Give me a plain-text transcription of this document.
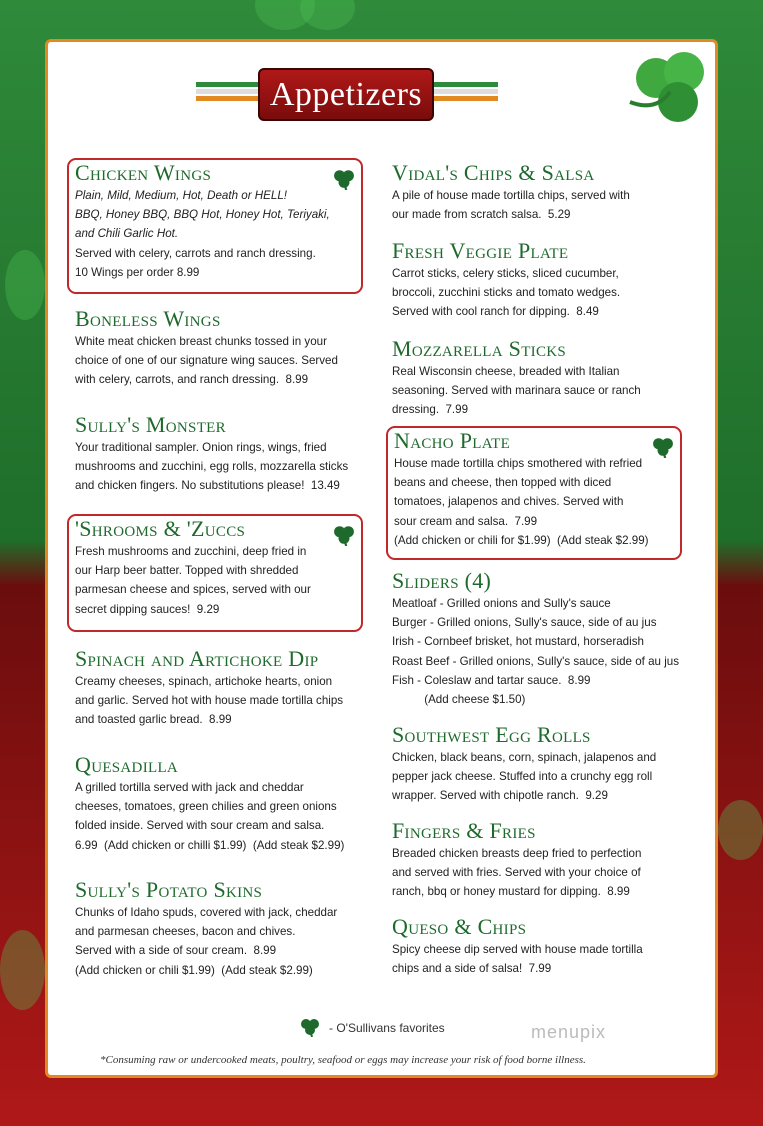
Appetizers
- O'Sullivans favorites	menupix
*Consuming raw or undercooked meats, poultry, seafood or eggs may increase your risk of food borne illness.
Chicken Wings
Plain, Mild, Medium, Hot, Death or HELL!
BBQ, Honey BBQ, BBQ Hot, Honey Hot, Teriyaki,
and Chili Garlic Hot.
Served with celery, carrots and ranch dressing.
10 Wings per order 8.99
Boneless Wings
White meat chicken breast chunks tossed in your
choice of one of our signature wing sauces. Served
with celery, carrots, and ranch dressing.  8.99
Sully's Monster
Your traditional sampler. Onion rings, wings, fried
mushrooms and zucchini, egg rolls, mozzarella sticks
and chicken fingers. No substitutions please!  13.49
'Shrooms & 'Zuccs
Fresh mushrooms and zucchini, deep fried in
our Harp beer batter. Topped with shredded
parmesan cheese and spices, served with our
secret dipping sauces!  9.29
Spinach and Artichoke Dip
Creamy cheeses, spinach, artichoke hearts, onion
and garlic. Served hot with house made tortilla chips
and toasted garlic bread.  8.99
Quesadilla
A grilled tortilla served with jack and cheddar
cheeses, tomatoes, green chilies and green onions
folded inside. Served with sour cream and salsa.
6.99  (Add chicken or chilli $1.99)  (Add steak $2.99)
Sully's Potato Skins
Chunks of Idaho spuds, covered with jack, cheddar
and parmesan cheeses, bacon and chives.
Served with a side of sour cream.  8.99
(Add chicken or chili $1.99)  (Add steak $2.99)
Vidal's Chips & Salsa
A pile of house made tortilla chips, served with
our made from scratch salsa.  5.29
Fresh Veggie Plate
Carrot sticks, celery sticks, sliced cucumber,
broccoli, zucchini sticks and tomato wedges.
Served with cool ranch for dipping.  8.49
Mozzarella Sticks
Real Wisconsin cheese, breaded with Italian
seasoning. Served with marinara sauce or ranch
dressing.  7.99
Nacho Plate
House made tortilla chips smothered with refried
beans and cheese, then topped with diced
tomatoes, jalapenos and chives. Served with
sour cream and salsa.  7.99
(Add chicken or chili for $1.99)  (Add steak $2.99)
Sliders (4)
Meatloaf - Grilled onions and Sully's sauce
Burger - Grilled onions, Sully's sauce, side of au jus
Irish - Cornbeef brisket, hot mustard, horseradish
Roast Beef - Grilled onions, Sully's sauce, side of au jus
Fish - Coleslaw and tartar sauce.  8.99
(Add cheese $1.50)
Southwest Egg Rolls
Chicken, black beans, corn, spinach, jalapenos and
pepper jack cheese. Stuffed into a crunchy egg roll
wrapper. Served with chipotle ranch.  9.29
Fingers & Fries
Breaded chicken breasts deep fried to perfection
and served with fries. Served with your choice of
ranch, bbq or honey mustard for dipping.  8.99
Queso & Chips
Spicy cheese dip served with house made tortilla
chips and a side of salsa!  7.99
